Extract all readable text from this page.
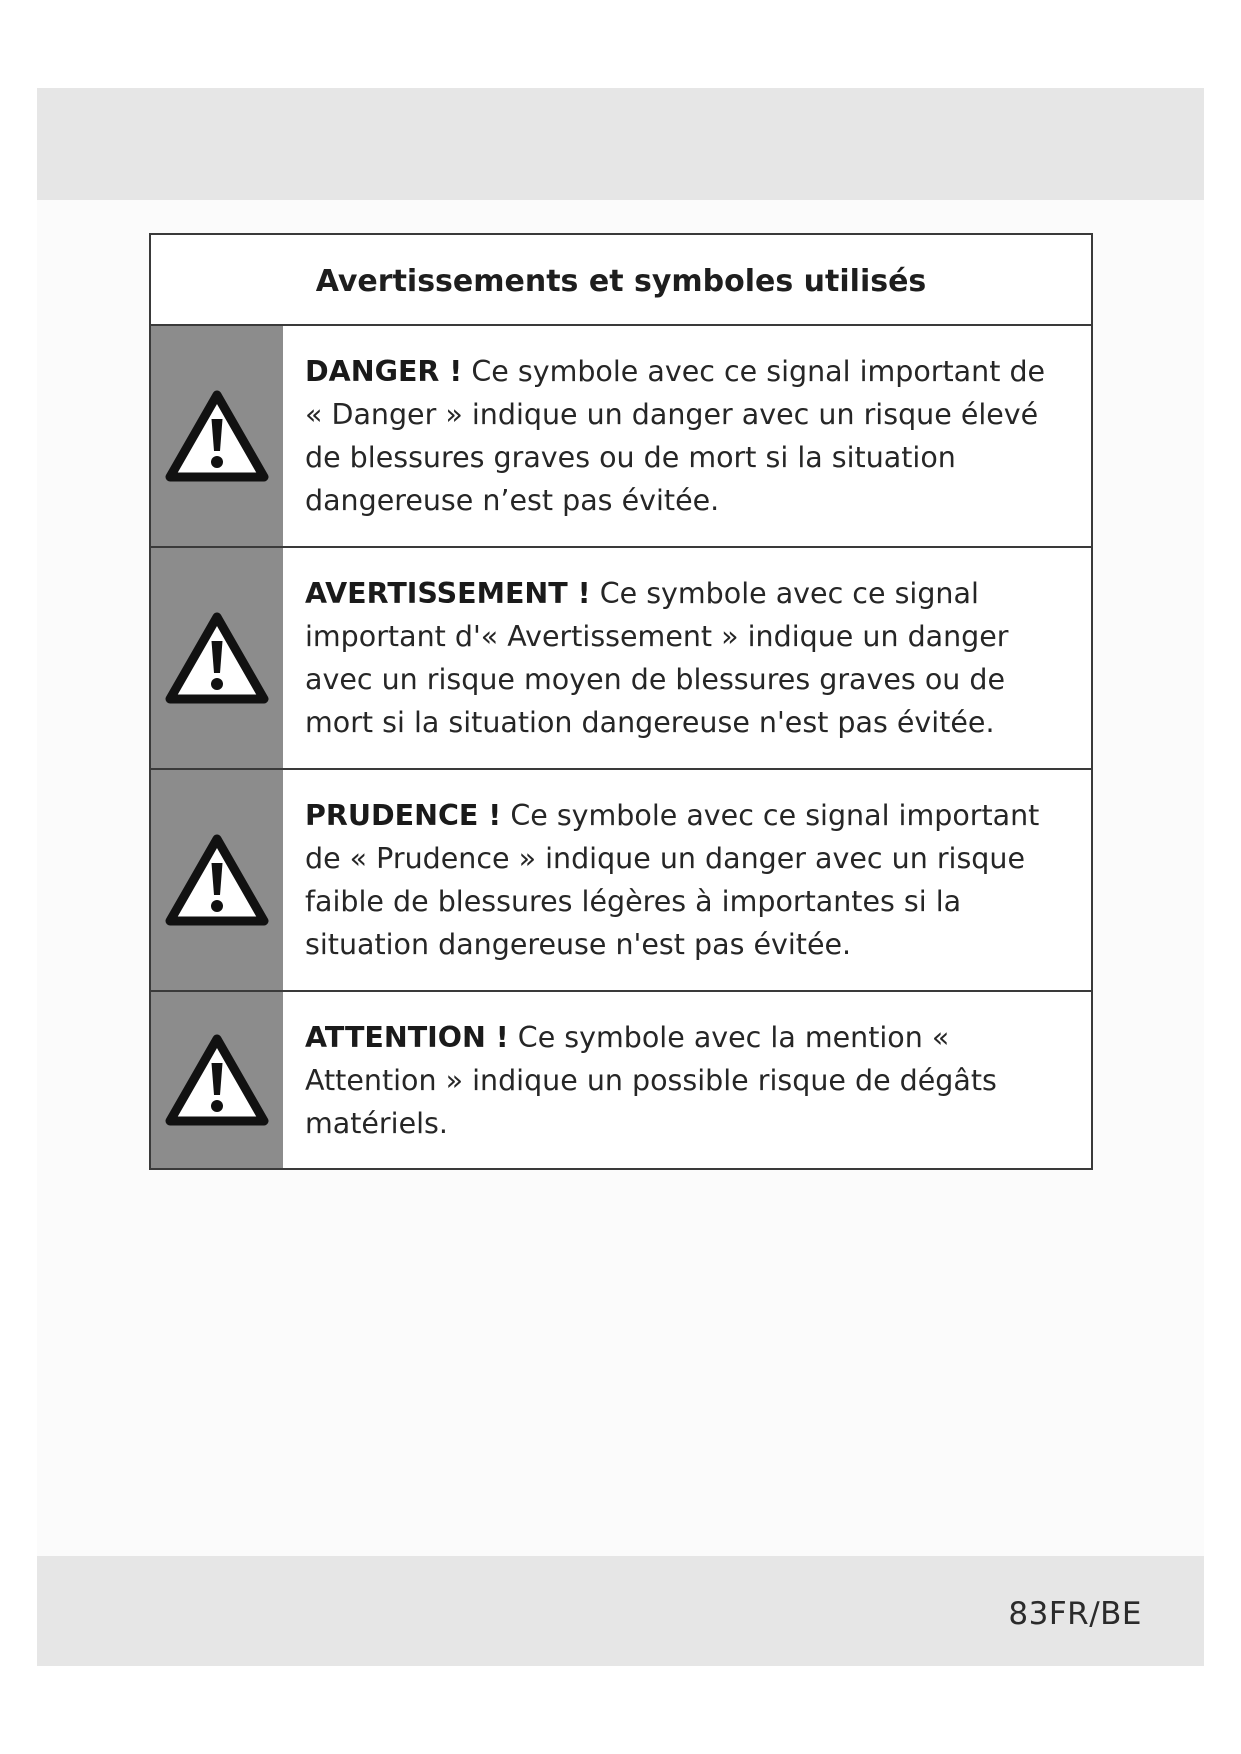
Avertissements et symboles utilisés

DANGER ! Ce symbole avec ce signal important de « Danger » indique un danger avec un risque élevé de blessures graves ou de mort si la situation dangereuse n’est pas évitée.

AVERTISSEMENT ! Ce symbole avec ce signal important d'« Avertissement » indique un danger avec un risque moyen de blessures graves ou de mort si la situation dangereuse n'est pas évitée.

PRUDENCE ! Ce symbole avec ce signal important de « Prudence » indique un danger avec un risque faible de blessures légères à importantes si la situation dangereuse n'est pas évitée.

ATTENTION ! Ce symbole avec la mention « Attention » indique un possible risque de dégâts matériels.

83FR/BE
